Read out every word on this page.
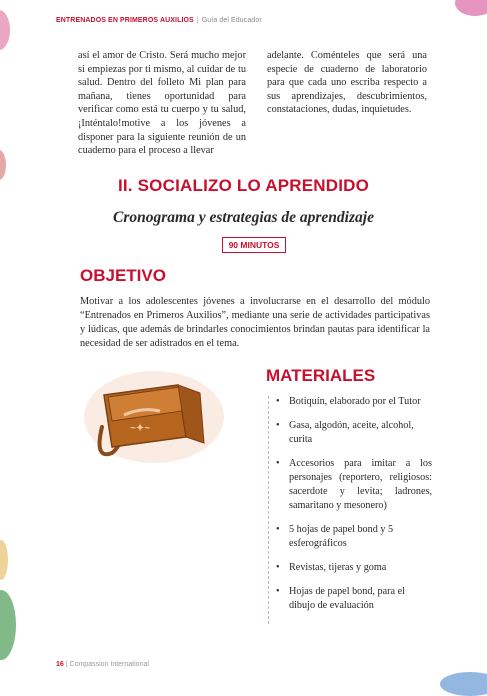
ENTRENADOS EN PRIMEROS AUXILIOS | Guía del Educador
así el amor de Cristo. Será mucho mejor si empiezas por ti mismo, al cuidar de tu salud. Dentro del folleto Mi plan para mañana, tienes oportunidad para verificar como está tu cuerpo y tu salud, ¡Inténtalo!motive a los jóvenes a disponer para la siguiente reunión de un cuaderno para el proceso a llevar
adelante. Coménteles que será una especie de cuaderno de laboratorio para que cada uno escriba respecto a sus aprendizajes, descubrimientos, constataciones, dudas, inquietudes.
II. SOCIALIZO LO APRENDIDO
Cronograma y estrategias de aprendizaje
90 MINUTOS
OBJETIVO
Motivar a los adolescentes jóvenes a involucrarse en el desarrollo del módulo “Entrenados en Primeros Auxilios”, mediante una serie de actividades participativas y lúdicas, que además de brindarles conocimientos brindan pautas para identificar la necesidad de ser adistrados en el tema.
~✦~
MATERIALES
• Botiquín, elaborado por el Tutor
• Gasa, algodón, aceite, alcohol, curita
• Accesorios para imitar a los personajes (reportero, religiosos: sacerdote y levita; ladrones, samaritano y mesonero)
• 5 hojas de papel bond y 5 esferográficos
• Revistas, tijeras y goma
• Hojas de papel bond, para el dibujo de evaluación
16 | Compassion International
